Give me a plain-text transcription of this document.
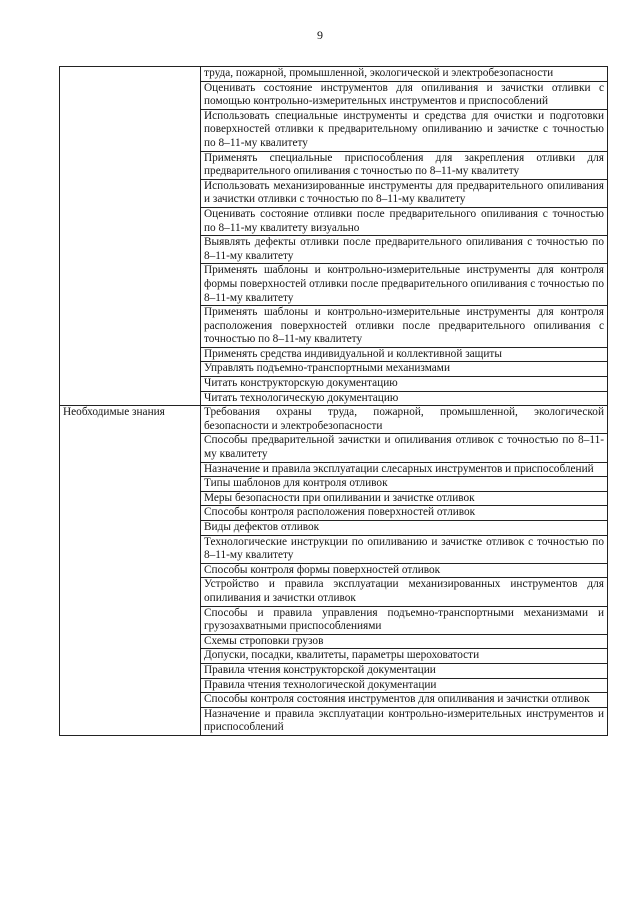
9
	труда, пожарной, промышленной, экологической и электробезопасности
	Оценивать состояние инструментов для опиливания и зачистки отливки с помощью контрольно-измерительных инструментов и приспособлений
	Использовать специальные инструменты и средства для очистки и подготовки поверхностей отливки к предварительному опиливанию и зачистке с точностью по 8–11-му квалитету
	Применять специальные приспособления для закрепления отливки для предварительного опиливания с точностью по 8–11-му квалитету
	Использовать механизированные инструменты для предварительного опиливания и зачистки отливки с точностью по 8–11-му квалитету
	Оценивать состояние отливки после предварительного опиливания с точностью по 8–11-му квалитету визуально
	Выявлять дефекты отливки после предварительного опиливания с точностью по 8–11-му квалитету
	Применять шаблоны и контрольно-измерительные инструменты для контроля формы поверхностей отливки после предварительного опиливания с точностью по 8–11-му квалитету
	Применять шаблоны и контрольно-измерительные инструменты для контроля расположения поверхностей отливки после предварительного опиливания с точностью по 8–11-му квалитету
	Применять средства индивидуальной и коллективной защиты
	Управлять подъемно-транспортными механизмами
	Читать конструкторскую документацию
	Читать технологическую документацию
Необходимые знания	Требования охраны труда, пожарной, промышленной, экологической безопасности и электробезопасности
	Способы предварительной зачистки и опиливания отливок с точностью по 8–11-му квалитету
	Назначение и правила эксплуатации слесарных инструментов и приспособлений
	Типы шаблонов для контроля отливок
	Меры безопасности при опиливании и зачистке отливок
	Способы контроля расположения поверхностей отливок
	Виды дефектов отливок
	Технологические инструкции по опиливанию и зачистке отливок с точностью по 8–11-му квалитету
	Способы контроля формы поверхностей отливок
	Устройство и правила эксплуатации механизированных инструментов для опиливания и зачистки отливок
	Способы и правила управления подъемно-транспортными механизмами и грузозахватными приспособлениями
	Схемы строповки грузов
	Допуски, посадки, квалитеты, параметры шероховатости
	Правила чтения конструкторской документации
	Правила чтения технологической документации
	Способы контроля состояния инструментов для опиливания и зачистки отливок
	Назначение и правила эксплуатации контрольно-измерительных инструментов и приспособлений
